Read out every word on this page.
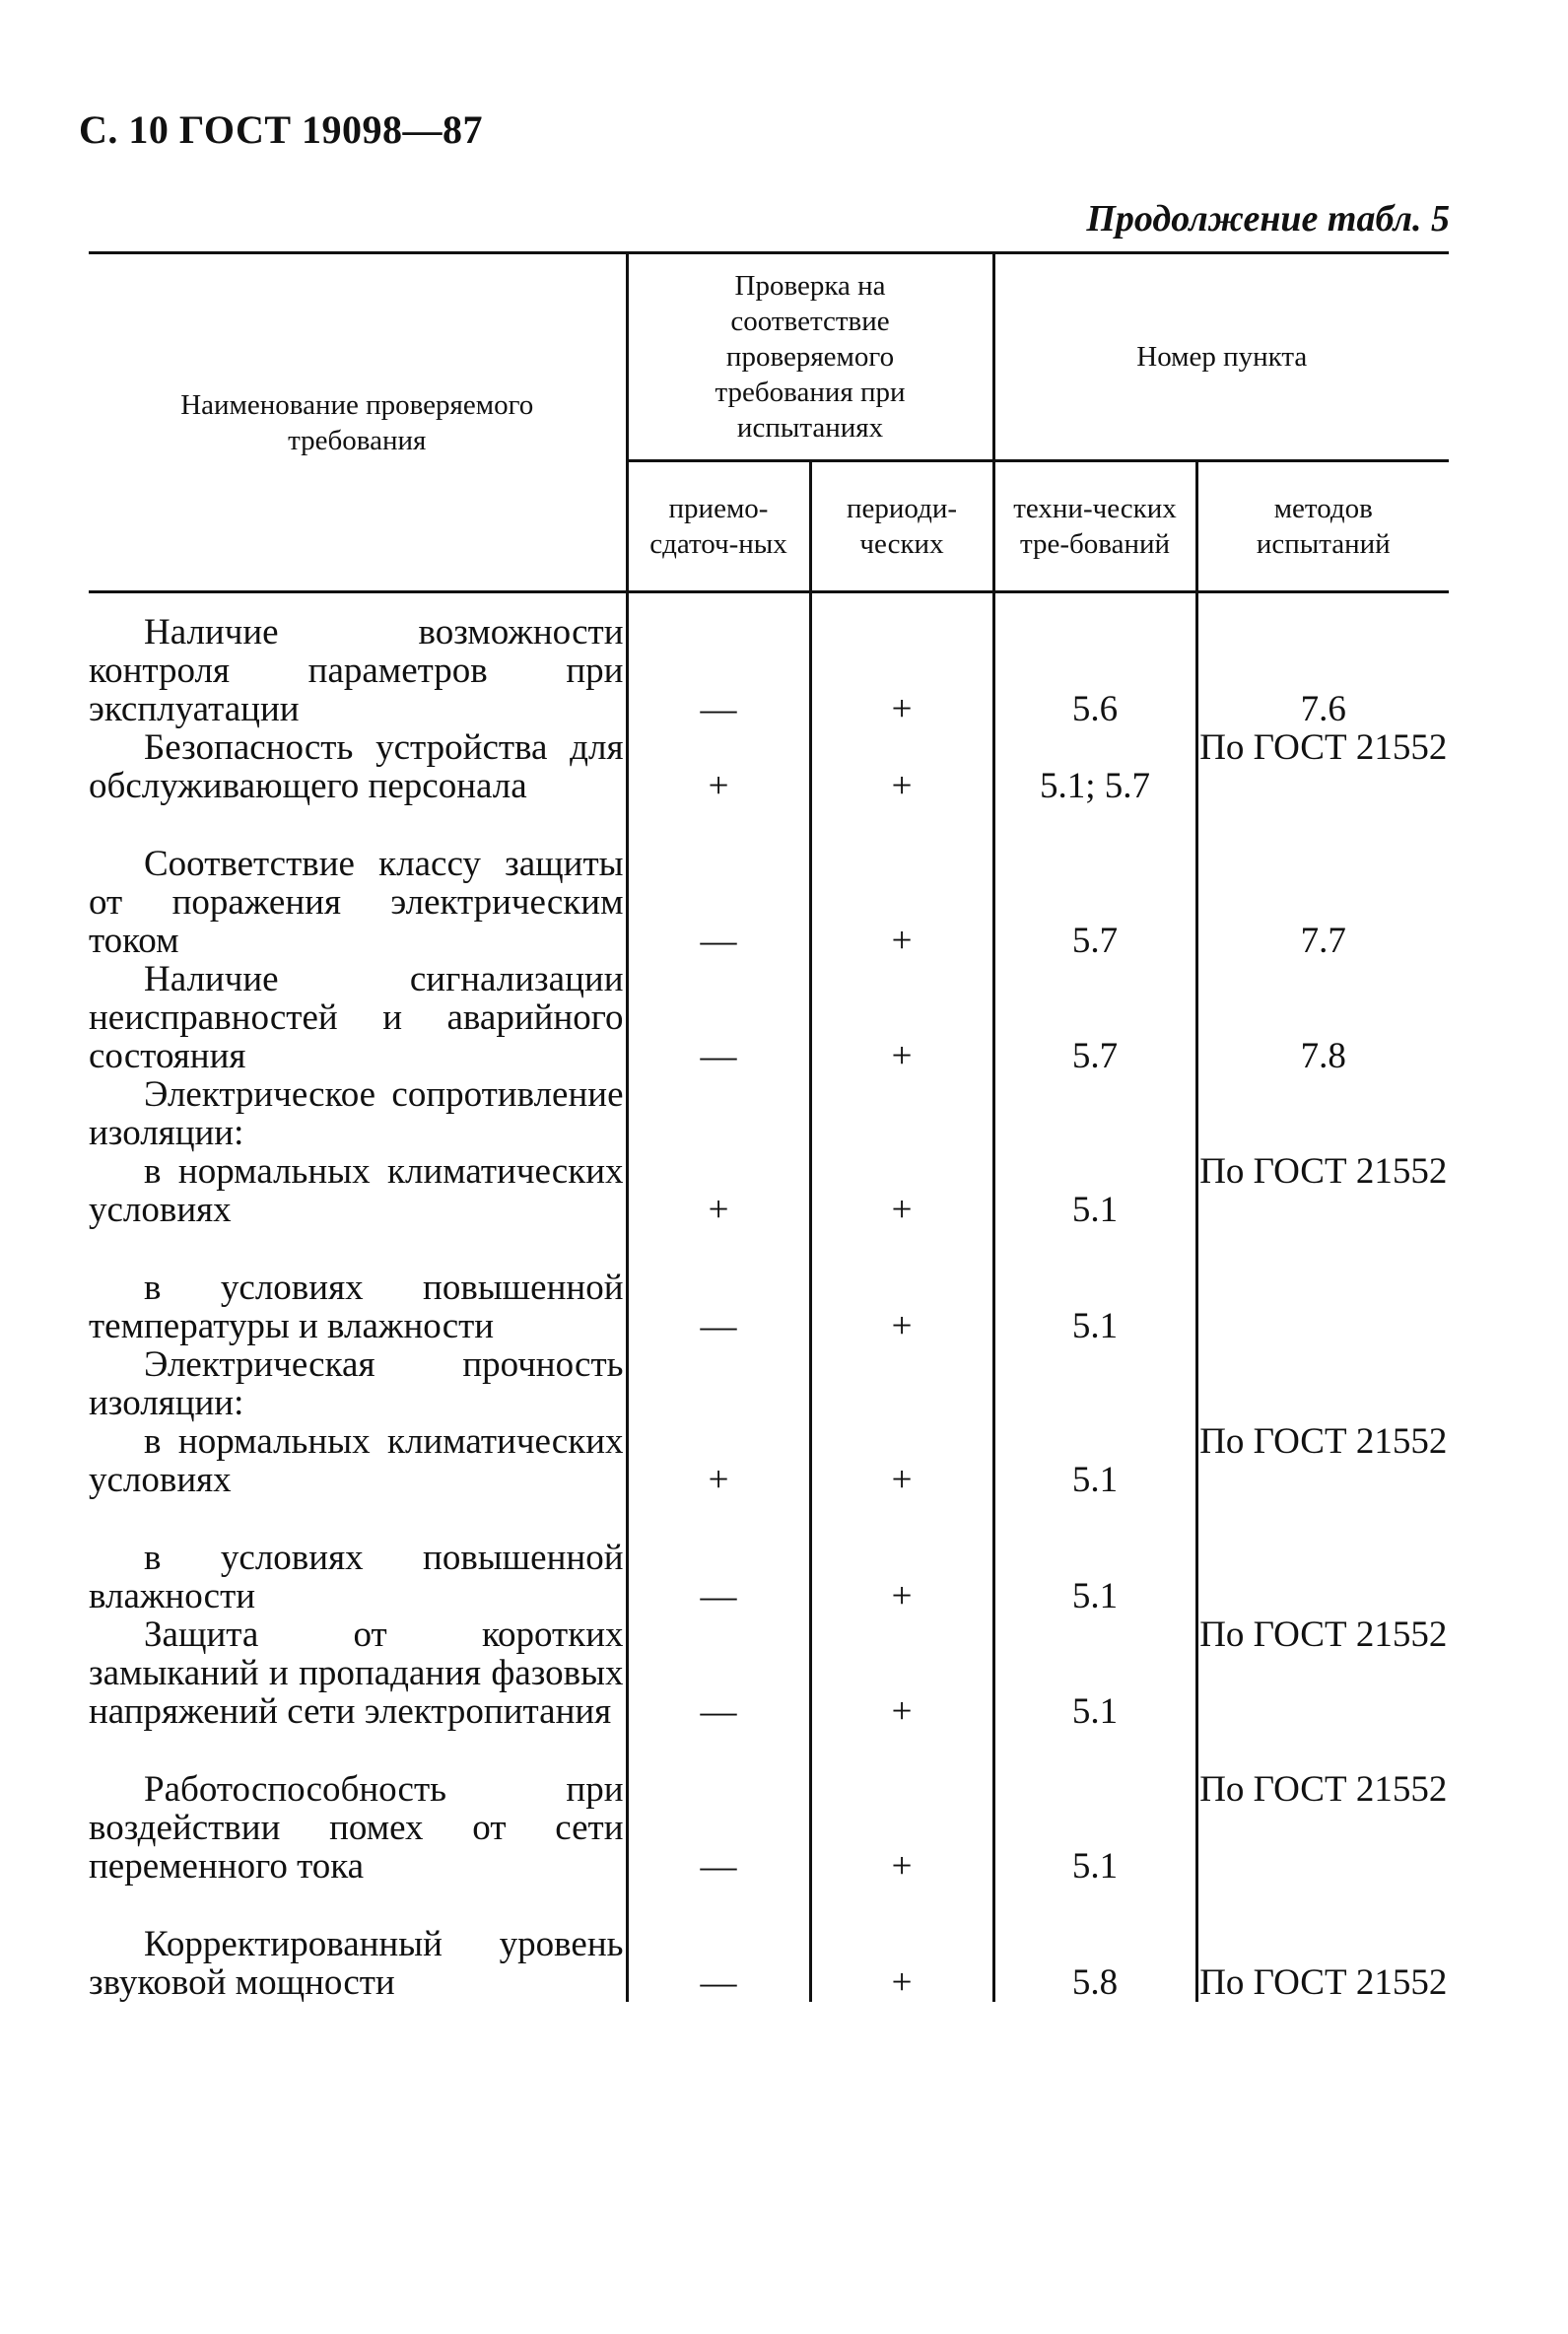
С. 10 ГОСТ 19098—87
Продолжение табл. 5
Наименование проверяемого требования	Проверка на соответствие проверяемого требования при испытаниях		Номер пункта	
	приемо-сдаточ-ных	периоди-ческих	техни-ческих тре-бований	методов испытаний

Наличие возможности контроля параметров при эксплуатации	—	+	5.6	7.6
Безопасность устройства для обслуживающего персонала	+	+	5.1; 5.7	По ГОСТ 21552
Соответствие классу защиты от поражения электрическим током	—	+	5.7	7.7
Наличие сигнализации неисправностей и аварийного состояния	—	+	5.7	7.8
Электрическое сопротивление изоляции:				
в нормальных климатических условиях	+	+	5.1	По ГОСТ 21552
в условиях повышенной температуры и влажности	—	+	5.1	
Электрическая прочность изоляции:				
в нормальных климатических условиях	+	+	5.1	По ГОСТ 21552
в условиях повышенной влажности	—	+	5.1	
Защита от коротких замыканий и пропадания фазовых напряжений сети электропитания	—	+	5.1	По ГОСТ 21552
Работоспособность при воздействии помех от сети переменного тока	—	+	5.1	По ГОСТ 21552
Корректированный уровень звуковой мощности	—	+	5.8	По ГОСТ 21552
